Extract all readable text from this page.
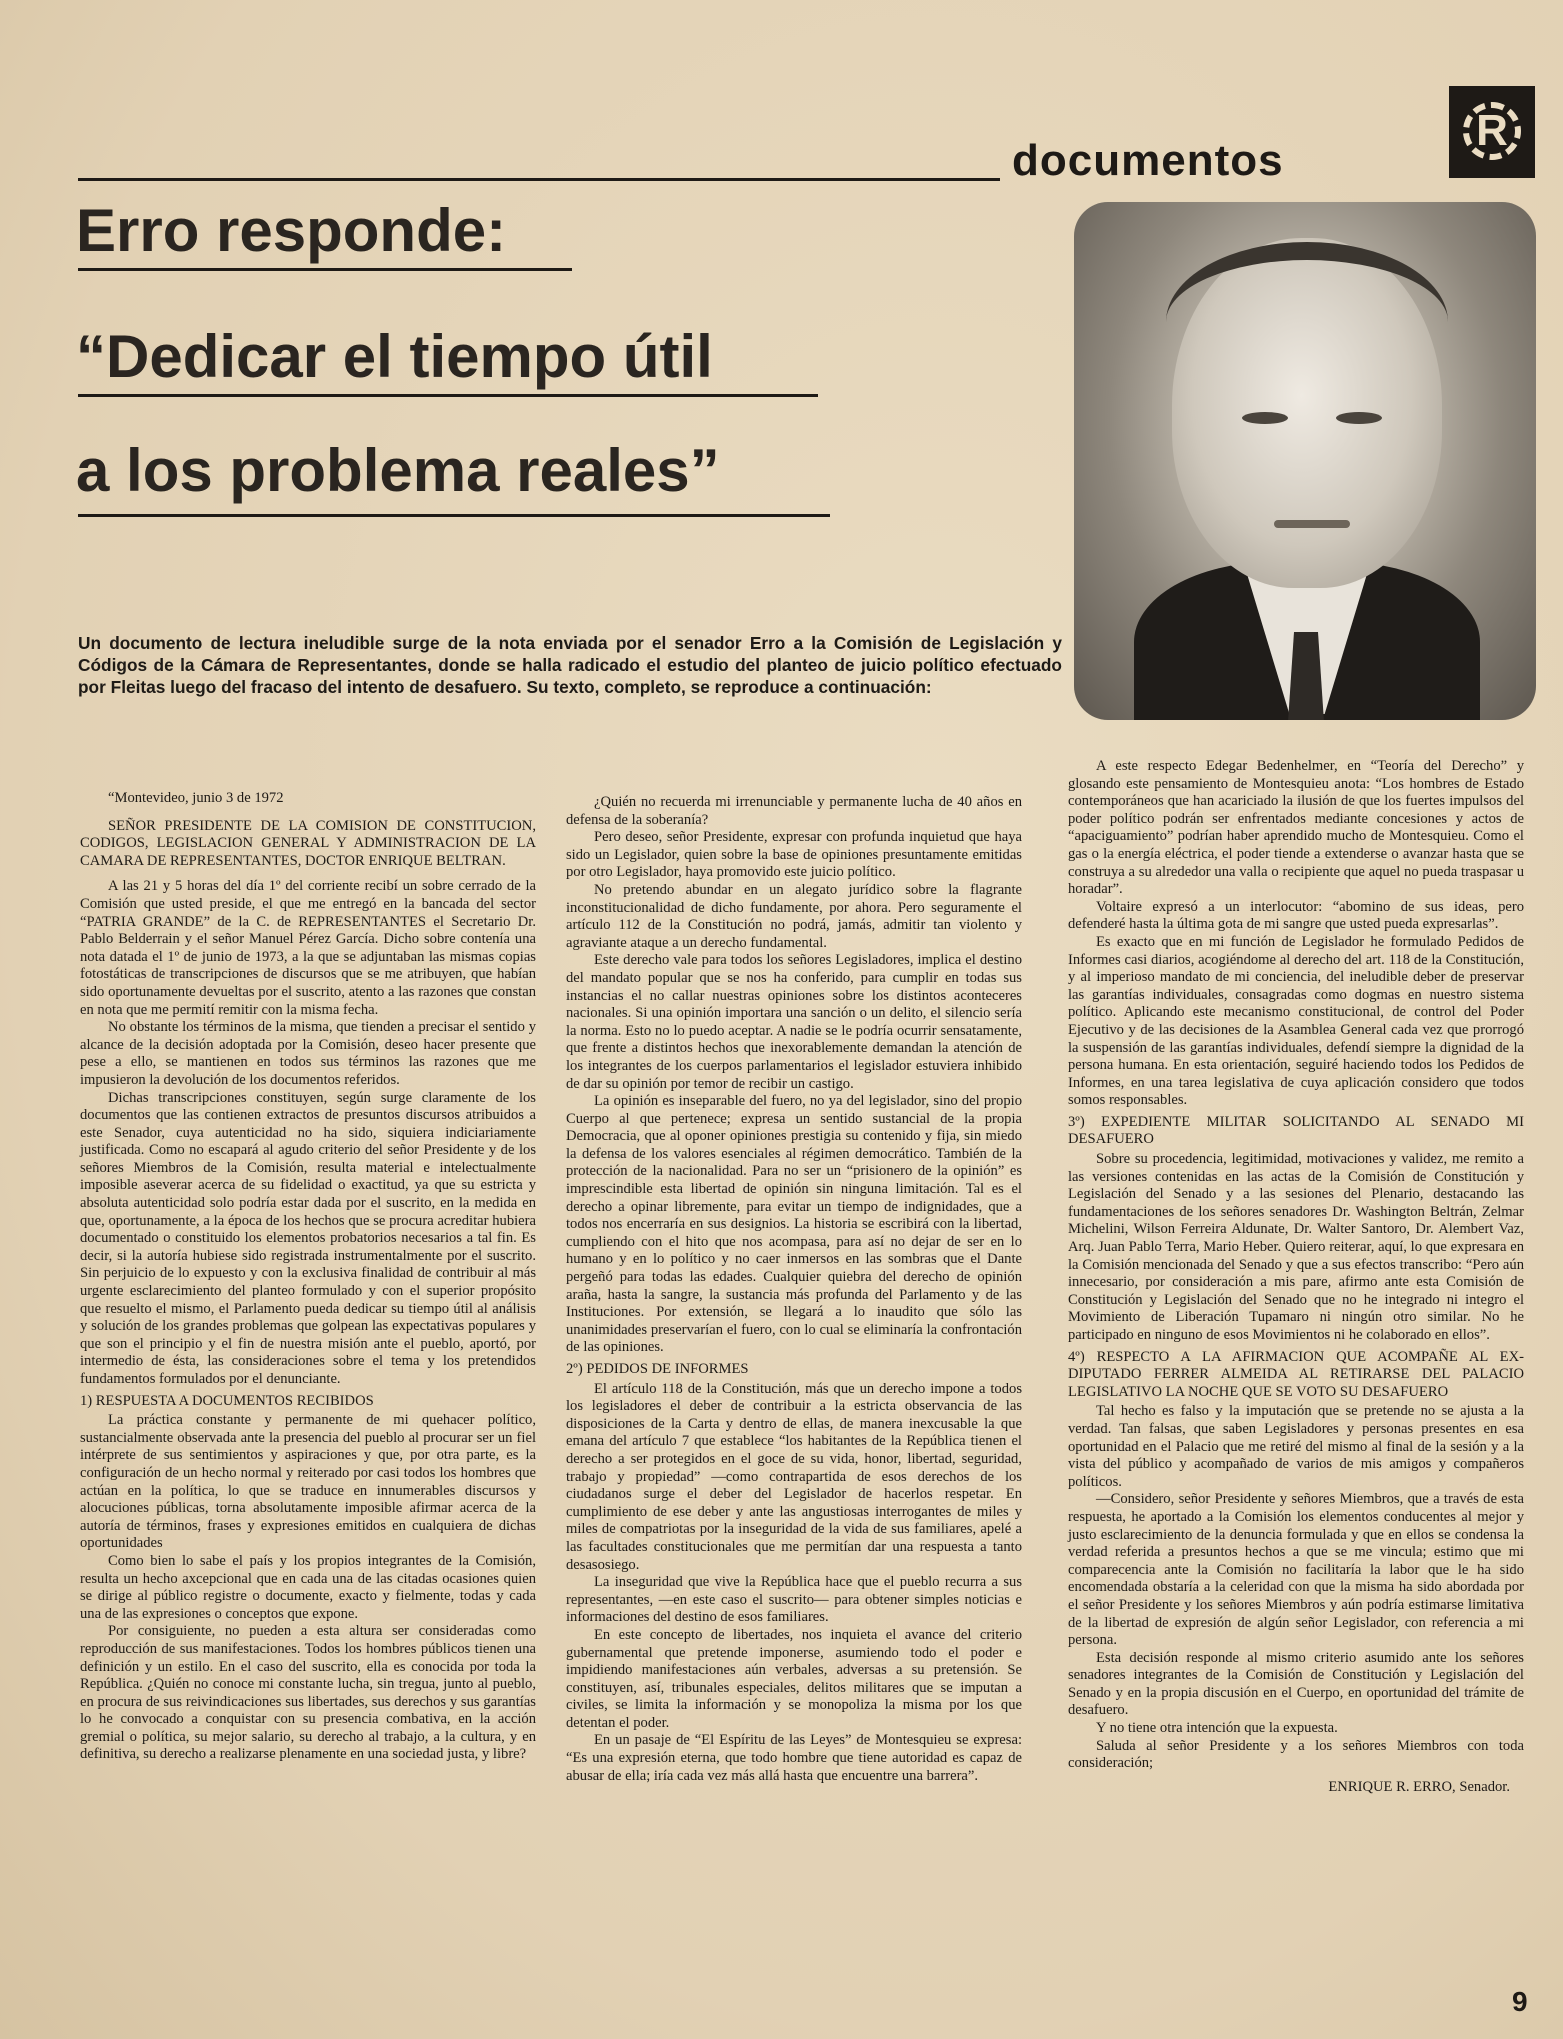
documentos
R
Erro responde:
“Dedicar el tiempo útil
a los problema reales”
Un documento de lectura ineludible surge de la nota enviada por el senador Erro a la Comisión de Legislación y Códigos de la Cámara de Representantes, donde se halla radicado el estudio del planteo de juicio político efectuado por Fleitas luego del fracaso del intento de desafuero. Su texto, completo, se reproduce a continuación:

“Montevideo, junio 3 de 1972

SEÑOR PRESIDENTE DE LA COMISION DE CONSTITUCION, CODIGOS, LEGISLACION GENERAL Y ADMINISTRACION DE LA CAMARA DE REPRESENTANTES, DOCTOR ENRIQUE BELTRAN.

A las 21 y 5 horas del día 1º del corriente recibí un sobre cerrado de la Comisión que usted preside, el que me entregó en la bancada del sector “PATRIA GRANDE” de la C. de REPRESENTANTES el Secretario Dr. Pablo Belderrain y el señor Manuel Pérez García. Dicho sobre contenía una nota datada el 1º de junio de 1973, a la que se adjuntaban las mismas copias fotostáticas de transcripciones de discursos que se me atribuyen, que habían sido oportunamente devueltas por el suscrito, atento a las razones que constan en nota que me permití remitir con la misma fecha.

No obstante los términos de la misma, que tienden a precisar el sentido y alcance de la decisión adoptada por la Comisión, deseo hacer presente que pese a ello, se mantienen en todos sus términos las razones que me impusieron la devolución de los documentos referidos.

Dichas transcripciones constituyen, según surge claramente de los documentos que las contienen extractos de presuntos discursos atribuidos a este Senador, cuya autenticidad no ha sido, siquiera indiciariamente justificada. Como no escapará al agudo criterio del señor Presidente y de los señores Miembros de la Comisión, resulta material e intelectualmente imposible aseverar acerca de su fidelidad o exactitud, ya que su estricta y absoluta autenticidad solo podría estar dada por el suscrito, en la medida en que, oportunamente, a la época de los hechos que se procura acreditar hubiera documentado o constituido los elementos probatorios necesarios a tal fin. Es decir, si la autoría hubiese sido registrada instrumentalmente por el suscrito. Sin perjuicio de lo expuesto y con la exclusiva finalidad de contribuir al más urgente esclarecimiento del planteo formulado y con el superior propósito que resuelto el mismo, el Parlamento pueda dedicar su tiempo útil al análisis y solución de los grandes problemas que golpean las expectativas populares y que son el principio y el fin de nuestra misión ante el pueblo, aportó, por intermedio de ésta, las consideraciones sobre el tema y los pretendidos fundamentos formulados por el denunciante.

1) RESPUESTA A DOCUMENTOS RECIBIDOS

La práctica constante y permanente de mi quehacer político, sustancialmente observada ante la presencia del pueblo al procurar ser un fiel intérprete de sus sentimientos y aspiraciones y que, por otra parte, es la configuración de un hecho normal y reiterado por casi todos los hombres que actúan en la política, lo que se traduce en innumerables discursos y alocuciones públicas, torna absolutamente imposible afirmar acerca de la autoría de términos, frases y expresiones emitidos en cualquiera de dichas oportunidades

Como bien lo sabe el país y los propios integrantes de la Comisión, resulta un hecho axcepcional que en cada una de las citadas ocasiones quien se dirige al público registre o documente, exacto y fielmente, todas y cada una de las expresiones o conceptos que expone.

Por consiguiente, no pueden a esta altura ser consideradas como reproducción de sus manifestaciones. Todos los hombres públicos tienen una definición y un estilo. En el caso del suscrito, ella es conocida por toda la República. ¿Quién no conoce mi constante lucha, sin tregua, junto al pueblo, en procura de sus reivindicaciones sus libertades, sus derechos y sus garantías lo he convocado a conquistar con su presencia combativa, en la acción gremial o política, su mejor salario, su derecho al trabajo, a la cultura, y en definitiva, su derecho a realizarse plenamente en una sociedad justa, y libre?

¿Quién no recuerda mi irrenunciable y permanente lucha de 40 años en defensa de la soberanía?

Pero deseo, señor Presidente, expresar con profunda inquietud que haya sido un Legislador, quien sobre la base de opiniones presuntamente emitidas por otro Legislador, haya promovido este juicio político.

No pretendo abundar en un alegato jurídico sobre la flagrante inconstitucionalidad de dicho fundamente, por ahora. Pero seguramente el artículo 112 de la Constitución no podrá, jamás, admitir tan violento y agraviante ataque a un derecho fundamental.

Este derecho vale para todos los señores Legisladores, implica el destino del mandato popular que se nos ha conferido, para cumplir en todas sus instancias el no callar nuestras opiniones sobre los distintos aconteceres nacionales. Si una opinión importara una sanción o un delito, el silencio sería la norma. Esto no lo puedo aceptar. A nadie se le podría ocurrir sensatamente, que frente a distintos hechos que inexorablemente demandan la atención de los integrantes de los cuerpos parlamentarios el legislador estuviera inhibido de dar su opinión por temor de recibir un castigo.

La opinión es inseparable del fuero, no ya del legislador, sino del propio Cuerpo al que pertenece; expresa un sentido sustancial de la propia Democracia, que al oponer opiniones prestigia su contenido y fija, sin miedo la defensa de los valores esenciales al régimen democrático. También de la protección de la nacionalidad. Para no ser un “prisionero de la opinión” es imprescindible esta libertad de opinión sin ninguna limitación. Tal es el derecho a opinar libremente, para evitar un tiempo de indignidades, que a todos nos encerraría en sus designios. La historia se escribirá con la libertad, cumpliendo con el hito que nos acompasa, para así no dejar de ser en lo humano y en lo político y no caer inmersos en las sombras que el Dante pergeñó para todas las edades. Cualquier quiebra del derecho de opinión araña, hasta la sangre, la sustancia más profunda del Parlamento y de las Instituciones. Por extensión, se llegará a lo inaudito que sólo las unanimidades preservarían el fuero, con lo cual se eliminaría la confrontación de las opiniones.

2º) PEDIDOS DE INFORMES

El artículo 118 de la Constitución, más que un derecho impone a todos los legisladores el deber de contribuir a la estricta observancia de las disposiciones de la Carta y dentro de ellas, de manera inexcusable la que emana del artículo 7 que establece “los habitantes de la República tienen el derecho a ser protegidos en el goce de su vida, honor, libertad, seguridad, trabajo y propiedad” —como contrapartida de esos derechos de los ciudadanos surge el deber del Legislador de hacerlos respetar. En cumplimiento de ese deber y ante las angustiosas interrogantes de miles y miles de compatriotas por la inseguridad de la vida de sus familiares, apelé a las facultades constitucionales que me permitían dar una respuesta a tanto desasosiego.

La inseguridad que vive la República hace que el pueblo recurra a sus representantes, —en este caso el suscrito— para obtener simples noticias e informaciones del destino de esos familiares.

En este concepto de libertades, nos inquieta el avance del criterio gubernamental que pretende imponerse, asumiendo todo el poder e impidiendo manifestaciones aún verbales, adversas a su pretensión. Se constituyen, así, tribunales especiales, delitos militares que se imputan a civiles, se limita la información y se monopoliza la misma por los que detentan el poder.

En un pasaje de “El Espíritu de las Leyes” de Montesquieu se expresa: “Es una expresión eterna, que todo hombre que tiene autoridad es capaz de abusar de ella; iría cada vez más allá hasta que encuentre una barrera”.

A este respecto Edegar Bedenhelmer, en “Teoría del Derecho” y glosando este pensamiento de Montesquieu anota: “Los hombres de Estado contemporáneos que han acariciado la ilusión de que los fuertes impulsos del poder político podrán ser enfrentados mediante concesiones y actos de “apaciguamiento” podrían haber aprendido mucho de Montesquieu. Como el gas o la energía eléctrica, el poder tiende a extenderse o avanzar hasta que se construya a su alrededor una valla o recipiente que aquel no pueda traspasar u horadar”.

Voltaire expresó a un interlocutor: “abomino de sus ideas, pero defenderé hasta la última gota de mi sangre que usted pueda expresarlas”.

Es exacto que en mi función de Legislador he formulado Pedidos de Informes casi diarios, acogiéndome al derecho del art. 118 de la Constitución, y al imperioso mandato de mi conciencia, del ineludible deber de preservar las garantías individuales, consagradas como dogmas en nuestro sistema político. Aplicando este mecanismo constitucional, de control del Poder Ejecutivo y de las decisiones de la Asamblea General cada vez que prorrogó la suspensión de las garantías individuales, defendí siempre la dignidad de la persona humana. En esta orientación, seguiré haciendo todos los Pedidos de Informes, en una tarea legislativa de cuya aplicación considero que todos somos responsables.

3º) EXPEDIENTE MILITAR SOLICITANDO AL SENADO MI DESAFUERO

Sobre su procedencia, legitimidad, motivaciones y validez, me remito a las versiones contenidas en las actas de la Comisión de Constitución y Legislación del Senado y a las sesiones del Plenario, destacando las fundamentaciones de los señores senadores Dr. Washington Beltrán, Zelmar Michelini, Wilson Ferreira Aldunate, Dr. Walter Santoro, Dr. Alembert Vaz, Arq. Juan Pablo Terra, Mario Heber. Quiero reiterar, aquí, lo que expresara en la Comisión mencionada del Senado y que a sus efectos transcribo: “Pero aún innecesario, por consideración a mis pare, afirmo ante esta Comisión de Constitución y Legislación del Senado que no he integrado ni integro el Movimiento de Liberación Tupamaro ni ningún otro similar. No he participado en ninguno de esos Movimientos ni he colaborado en ellos”.

4º) RESPECTO A LA AFIRMACION QUE ACOMPAÑE AL EX-DIPUTADO FERRER ALMEIDA AL RETIRARSE DEL PALACIO LEGISLATIVO LA NOCHE QUE SE VOTO SU DESAFUERO

Tal hecho es falso y la imputación que se pretende no se ajusta a la verdad. Tan falsas, que saben Legisladores y personas presentes en esa oportunidad en el Palacio que me retiré del mismo al final de la sesión y a la vista del público y acompañado de varios de mis amigos y compañeros políticos.

—Considero, señor Presidente y señores Miembros, que a través de esta respuesta, he aportado a la Comisión los elementos conducentes al mejor y justo esclarecimiento de la denuncia formulada y que en ellos se condensa la verdad referida a presuntos hechos a que se me vincula; estimo que mi comparecencia ante la Comisión no facilitaría la labor que le ha sido encomendada obstaría a la celeridad con que la misma ha sido abordada por el señor Presidente y los señores Miembros y aún podría estimarse limitativa de la libertad de expresión de algún señor Legislador, con referencia a mi persona.

Esta decisión responde al mismo criterio asumido ante los señores senadores integrantes de la Comisión de Constitución y Legislación del Senado y en la propia discusión en el Cuerpo, en oportunidad del trámite de desafuero.

Y no tiene otra intención que la expuesta.

Saluda al señor Presidente y a los señores Miembros con toda consideración;

ENRIQUE R. ERRO, Senador.

9
